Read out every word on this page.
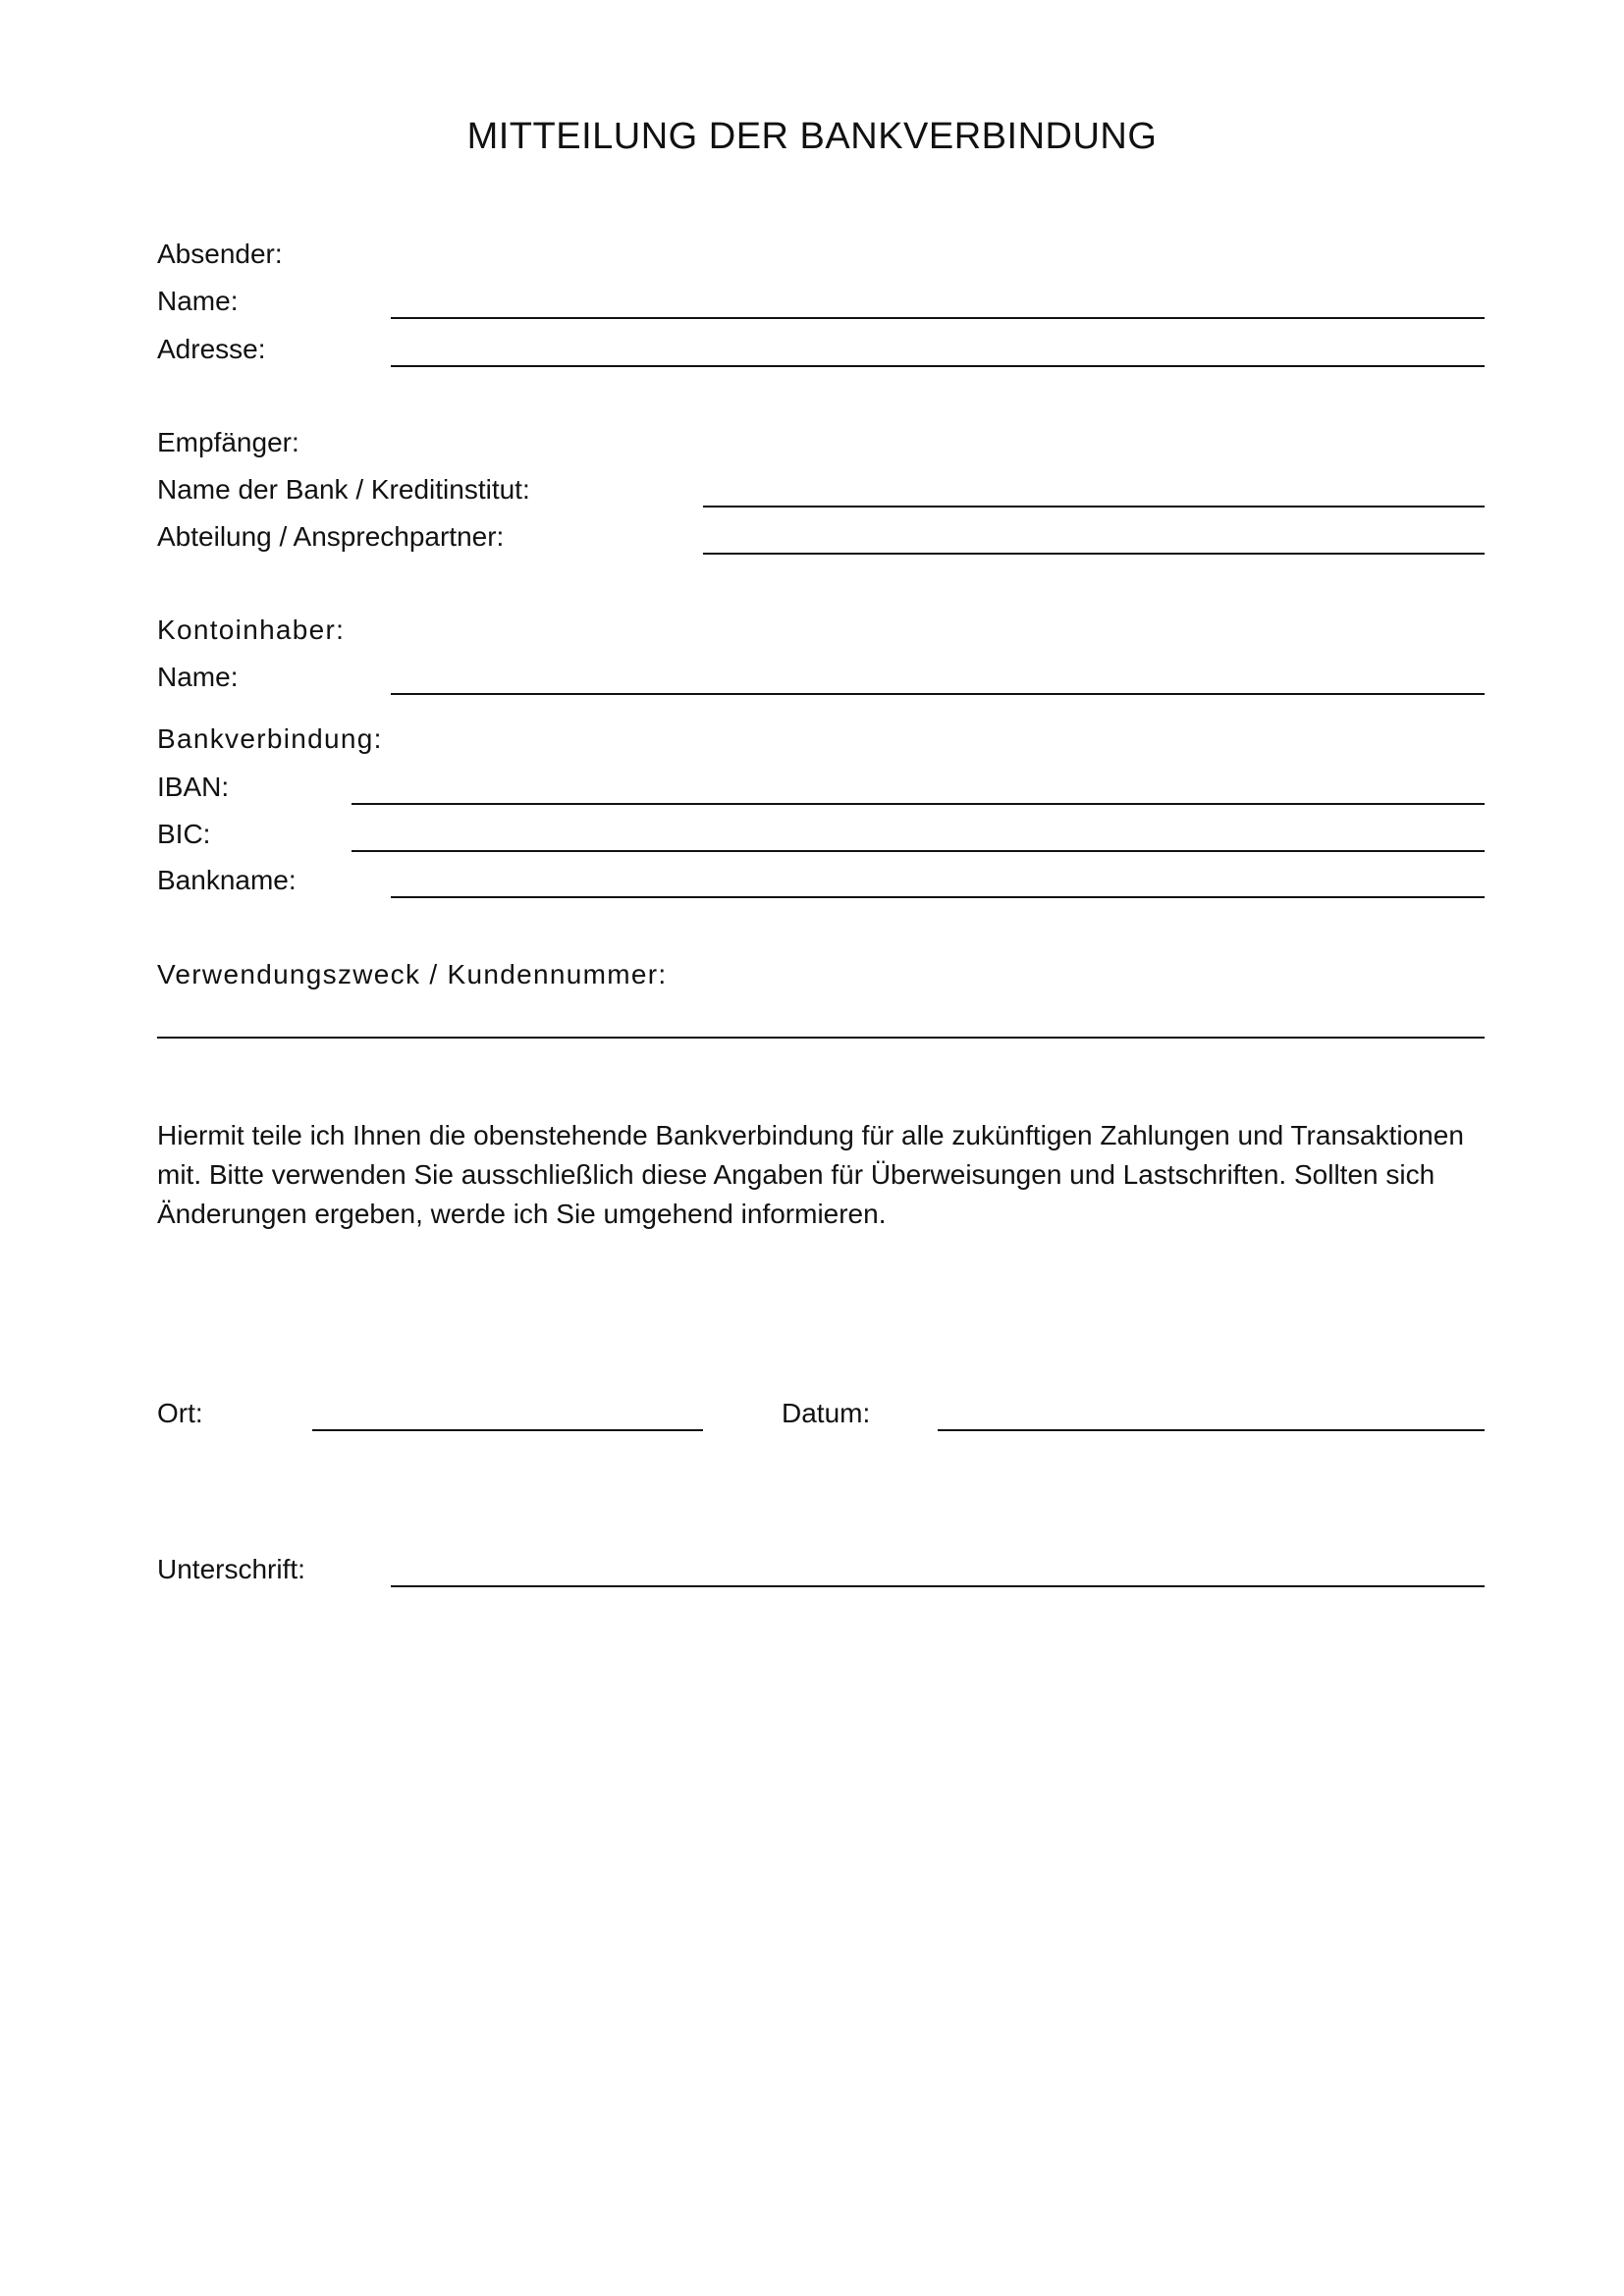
MITTEILUNG DER BANKVERBINDUNG
Absender:
Name:
Adresse:
Empfänger:
Name der Bank / Kreditinstitut:
Abteilung / Ansprechpartner:
Kontoinhaber:
Name:
Bankverbindung:
IBAN:
BIC:
Bankname:
Verwendungszweck / Kundennummer:
Hiermit teile ich Ihnen die obenstehende Bankverbindung für alle zukünftigen Zahlungen und Transaktionen
mit. Bitte verwenden Sie ausschließlich diese Angaben für Überweisungen und Lastschriften. Sollten sich
Änderungen ergeben, werde ich Sie umgehend informieren.
Ort:	Datum:
Unterschrift:
